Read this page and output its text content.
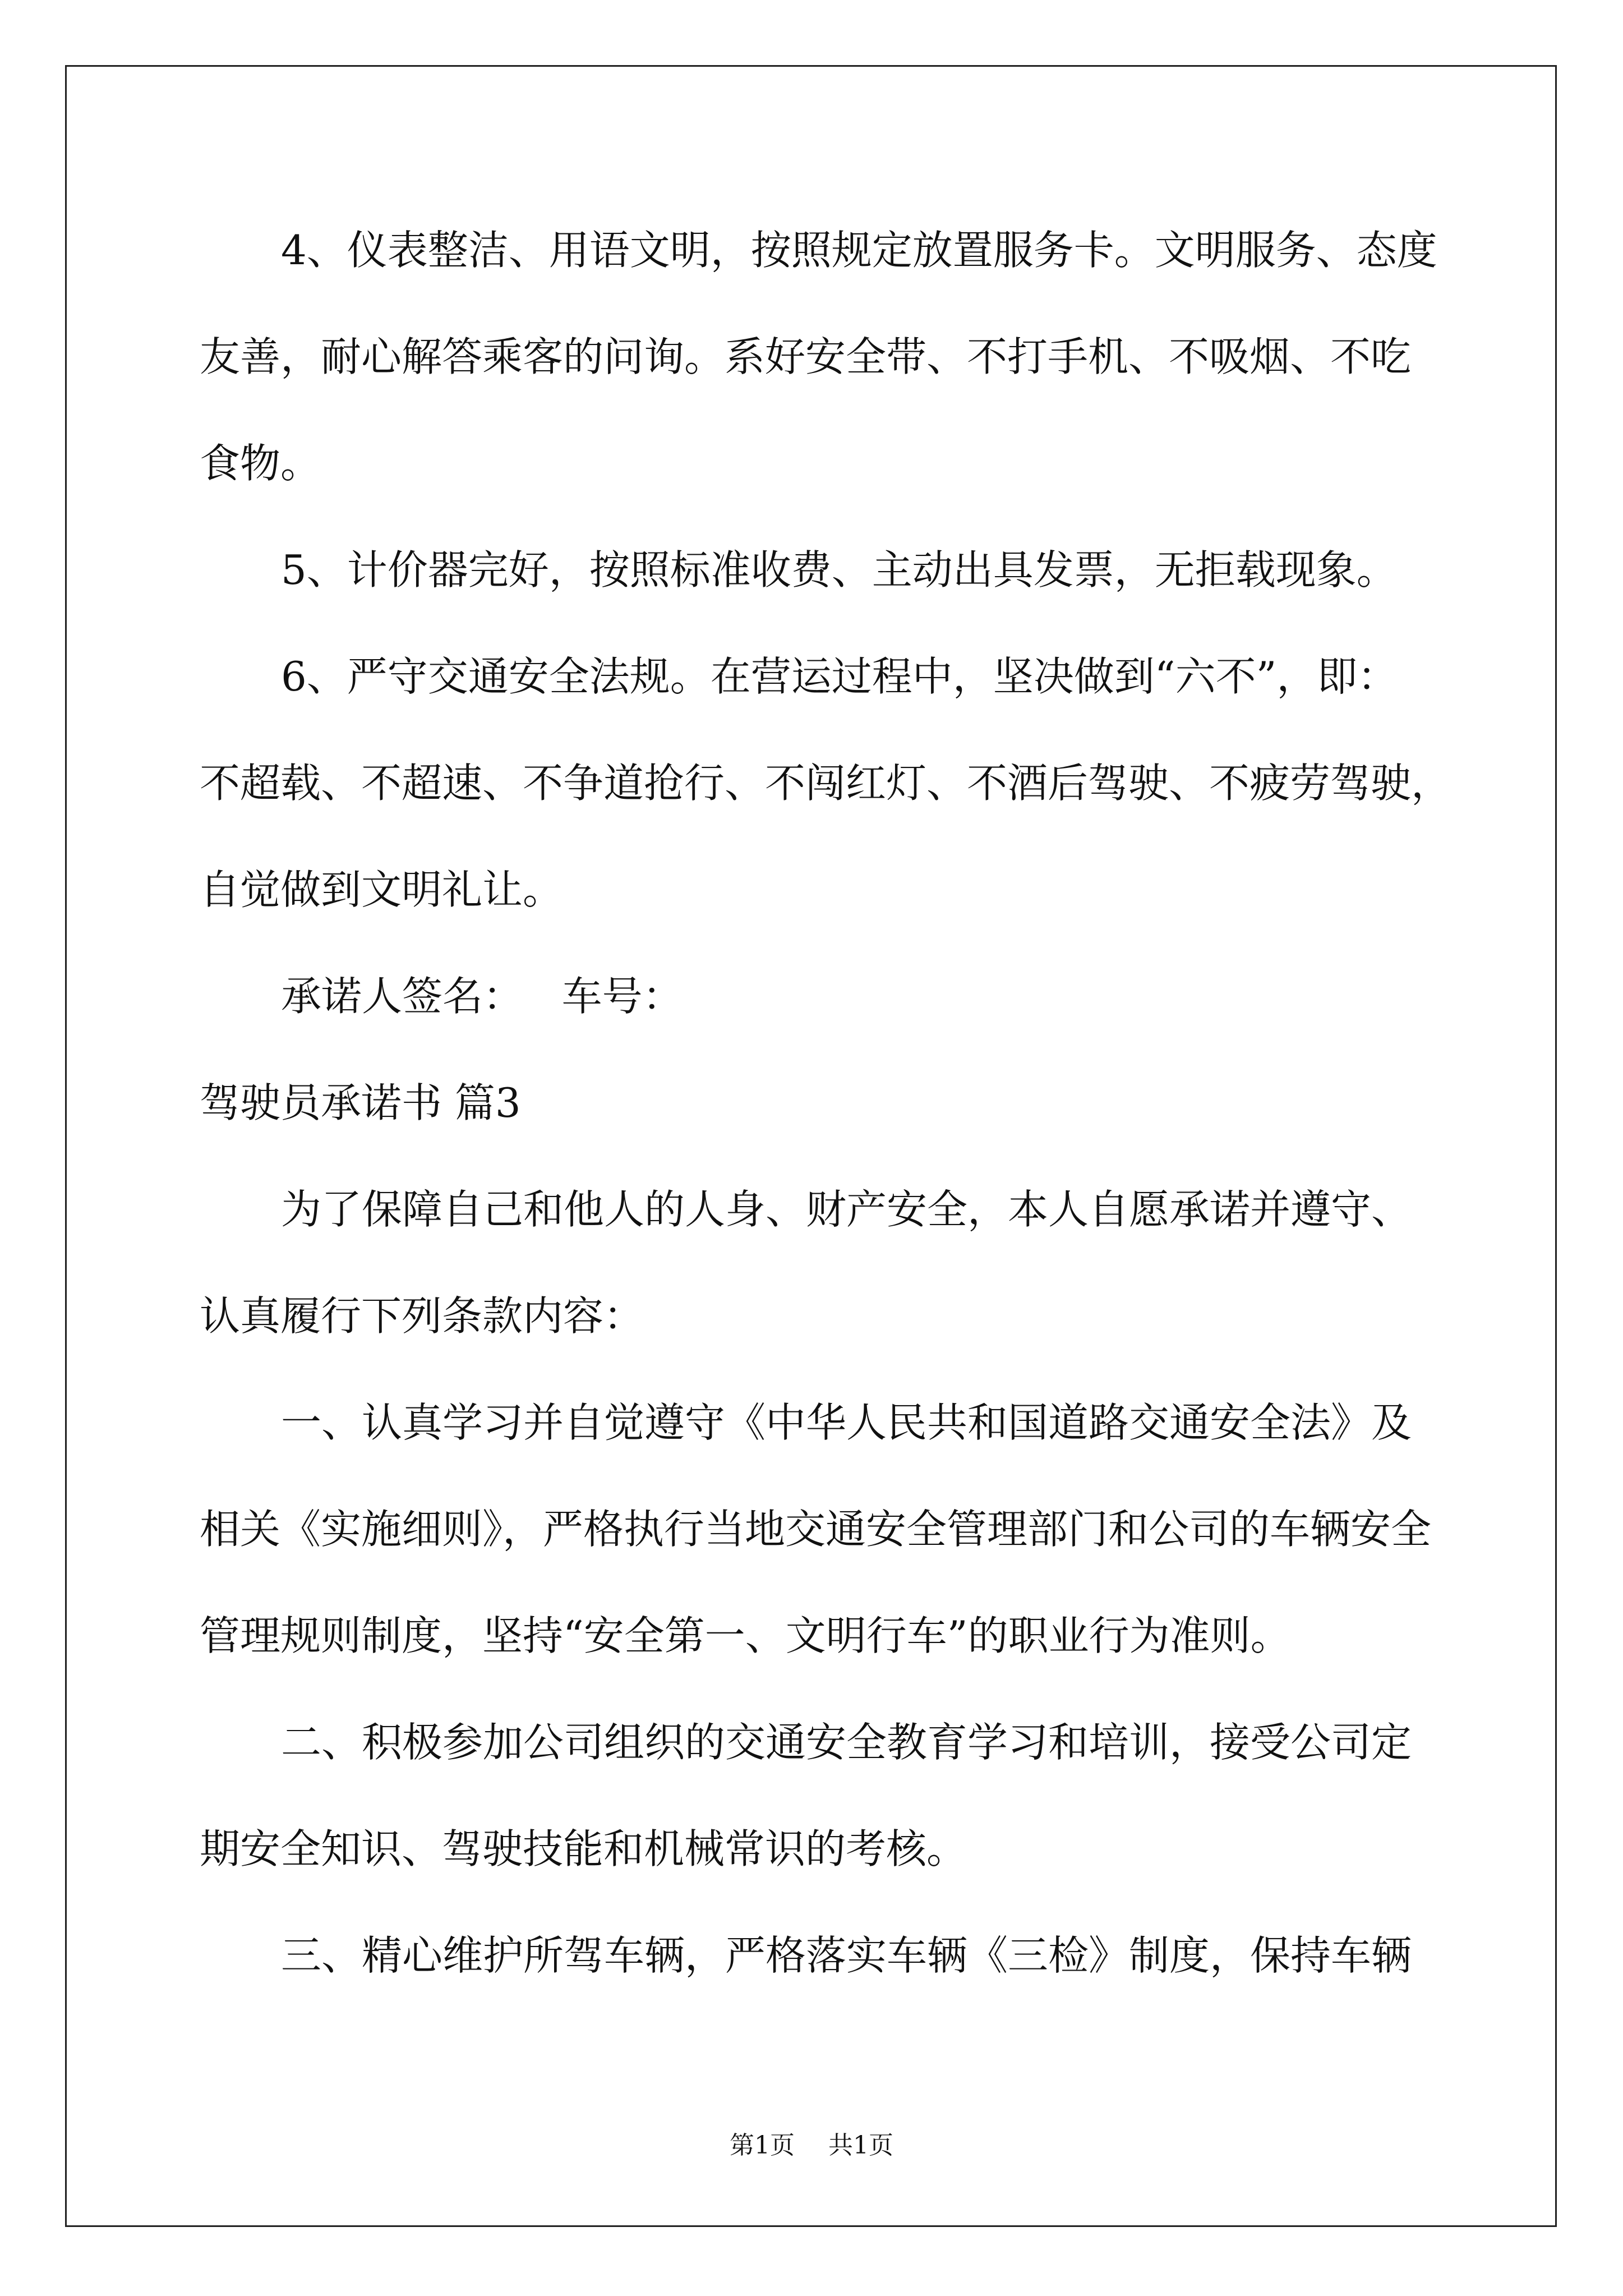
4、仪表整洁、用语文明，按照规定放置服务卡。文明服务、态度
友善，耐心解答乘客的问询。系好安全带、不打手机、不吸烟、不吃
食物。
5、计价器完好，按照标准收费、主动出具发票，无拒载现象。
6、严守交通安全法规。在营运过程中，坚决做到“六不”，即：
不超载、不超速、不争道抢行、不闯红灯、不酒后驾驶、不疲劳驾驶，
自觉做到文明礼让。
承诺人签名：   车号：
驾驶员承诺书 篇3
为了保障自己和他人的人身、财产安全，本人自愿承诺并遵守、
认真履行下列条款内容：
一、认真学习并自觉遵守《中华人民共和国道路交通安全法》及
相关《实施细则》，严格执行当地交通安全管理部门和公司的车辆安全
管理规则制度，坚持“安全第一、文明行车”的职业行为准则。
二、积极参加公司组织的交通安全教育学习和培训，接受公司定
期安全知识、驾驶技能和机械常识的考核。
三、精心维护所驾车辆，严格落实车辆《三检》制度，保持车辆
第1页 共1页
